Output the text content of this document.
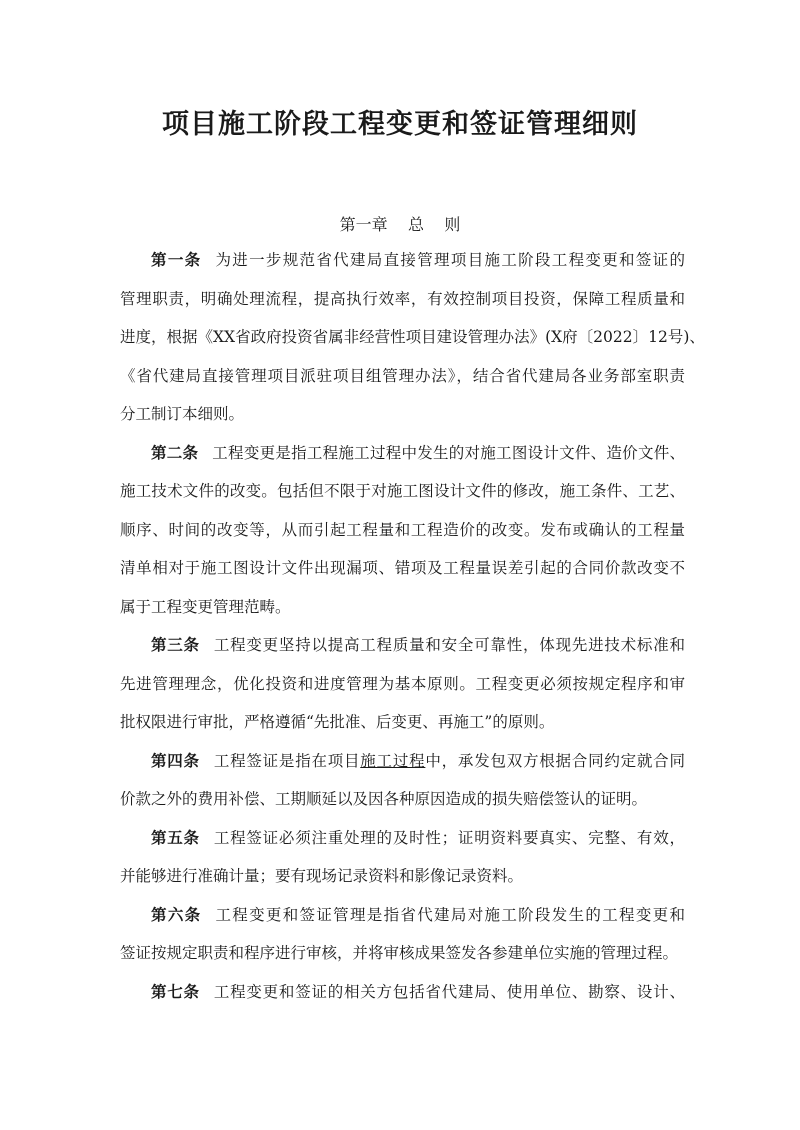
项目施工阶段工程变更和签证管理细则
第一章    总    则

第一条 为进一步规范省代建局直接管理项目施工阶段工程变更和签证的
管理职责，明确处理流程，提高执行效率，有效控制项目投资，保障工程质量和
进度，根据《XX省政府投资省属非经营性项目建设管理办法》(X府〔2022〕12号)、
《省代建局直接管理项目派驻项目组管理办法》，结合省代建局各业务部室职责
分工制订本细则。

第二条 工程变更是指工程施工过程中发生的对施工图设计文件、造价文件、
施工技术文件的改变。包括但不限于对施工图设计文件的修改，施工条件、工艺、
顺序、时间的改变等，从而引起工程量和工程造价的改变。发布或确认的工程量
清单相对于施工图设计文件出现漏项、错项及工程量误差引起的合同价款改变不
属于工程变更管理范畴。

第三条 工程变更坚持以提高工程质量和安全可靠性，体现先进技术标准和
先进管理理念，优化投资和进度管理为基本原则。工程变更必须按规定程序和审
批权限进行审批，严格遵循“先批准、后变更、再施工”的原则。

第四条 工程签证是指在项目施工过程中，承发包双方根据合同约定就合同
价款之外的费用补偿、工期顺延以及因各种原因造成的损失赔偿签认的证明。

第五条 工程签证必须注重处理的及时性；证明资料要真实、完整、有效，
并能够进行准确计量；要有现场记录资料和影像记录资料。

第六条 工程变更和签证管理是指省代建局对施工阶段发生的工程变更和
签证按规定职责和程序进行审核，并将审核成果签发各参建单位实施的管理过程。

第七条 工程变更和签证的相关方包括省代建局、使用单位、勘察、设计、
